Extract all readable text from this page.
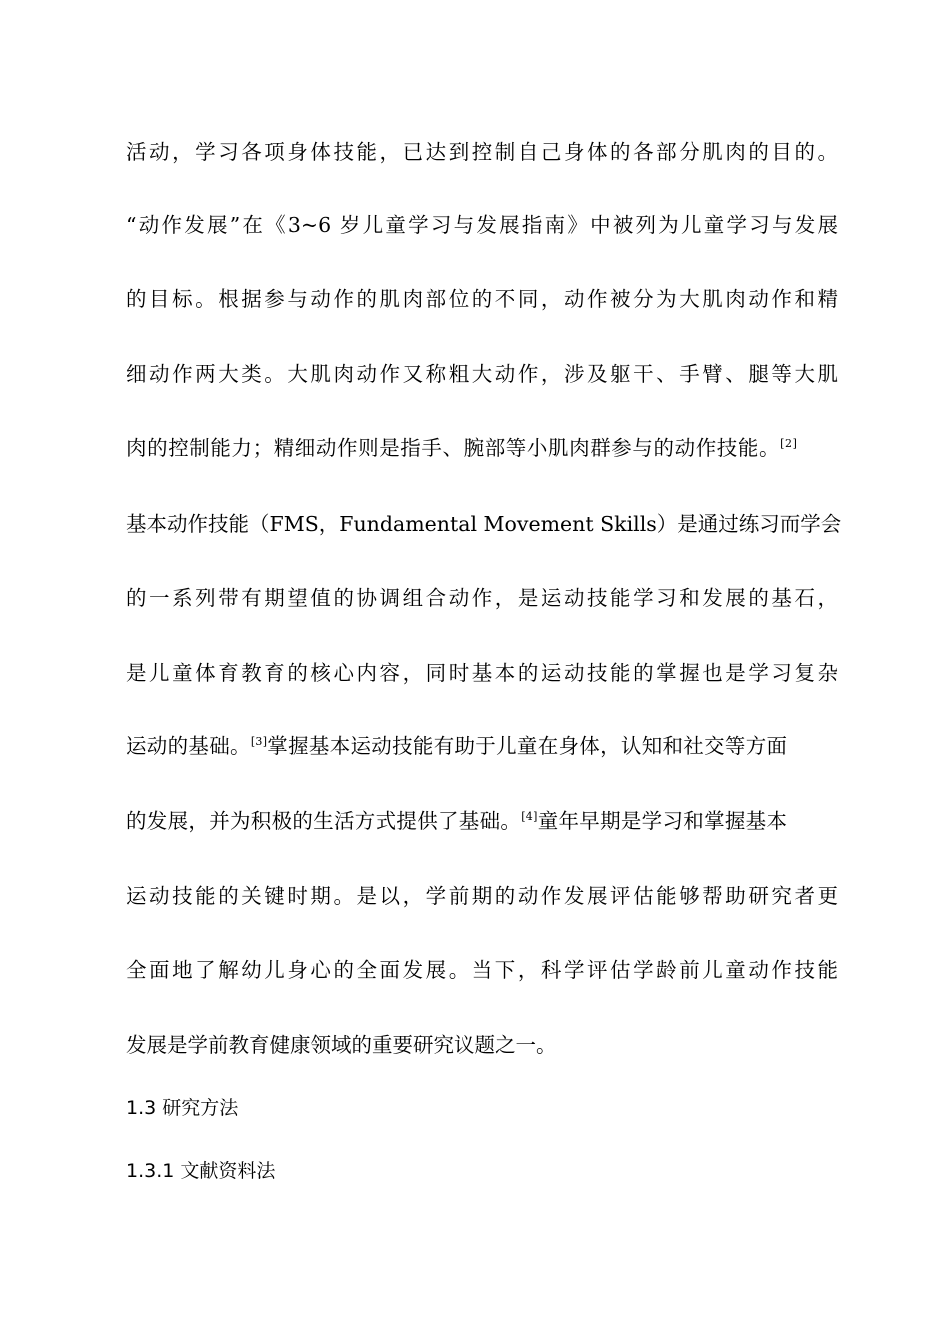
活动，学习各项身体技能，已达到控制自己身体的各部分肌肉的目的。
“动作发展”在《3~6 岁儿童学习与发展指南》中被列为儿童学习与发展
的目标。根据参与动作的肌肉部位的不同，动作被分为大肌肉动作和精
细动作两大类。大肌肉动作又称粗大动作，涉及躯干、手臂、腿等大肌
肉的控制能力；精细动作则是指手、腕部等小肌肉群参与的动作技能。[2]
基本动作技能（FMS，Fundamental Movement Skills）是通过练习而学会
的一系列带有期望值的协调组合动作，是运动技能学习和发展的基石，
是儿童体育教育的核心内容，同时基本的运动技能的掌握也是学习复杂
运动的基础。[3]掌握基本运动技能有助于儿童在身体，认知和社交等方面
的发展，并为积极的生活方式提供了基础。[4]童年早期是学习和掌握基本
运动技能的关键时期。是以，学前期的动作发展评估能够帮助研究者更
全面地了解幼儿身心的全面发展。当下，科学评估学龄前儿童动作技能
发展是学前教育健康领域的重要研究议题之一。
1.3 研究方法
1.3.1 文献资料法
